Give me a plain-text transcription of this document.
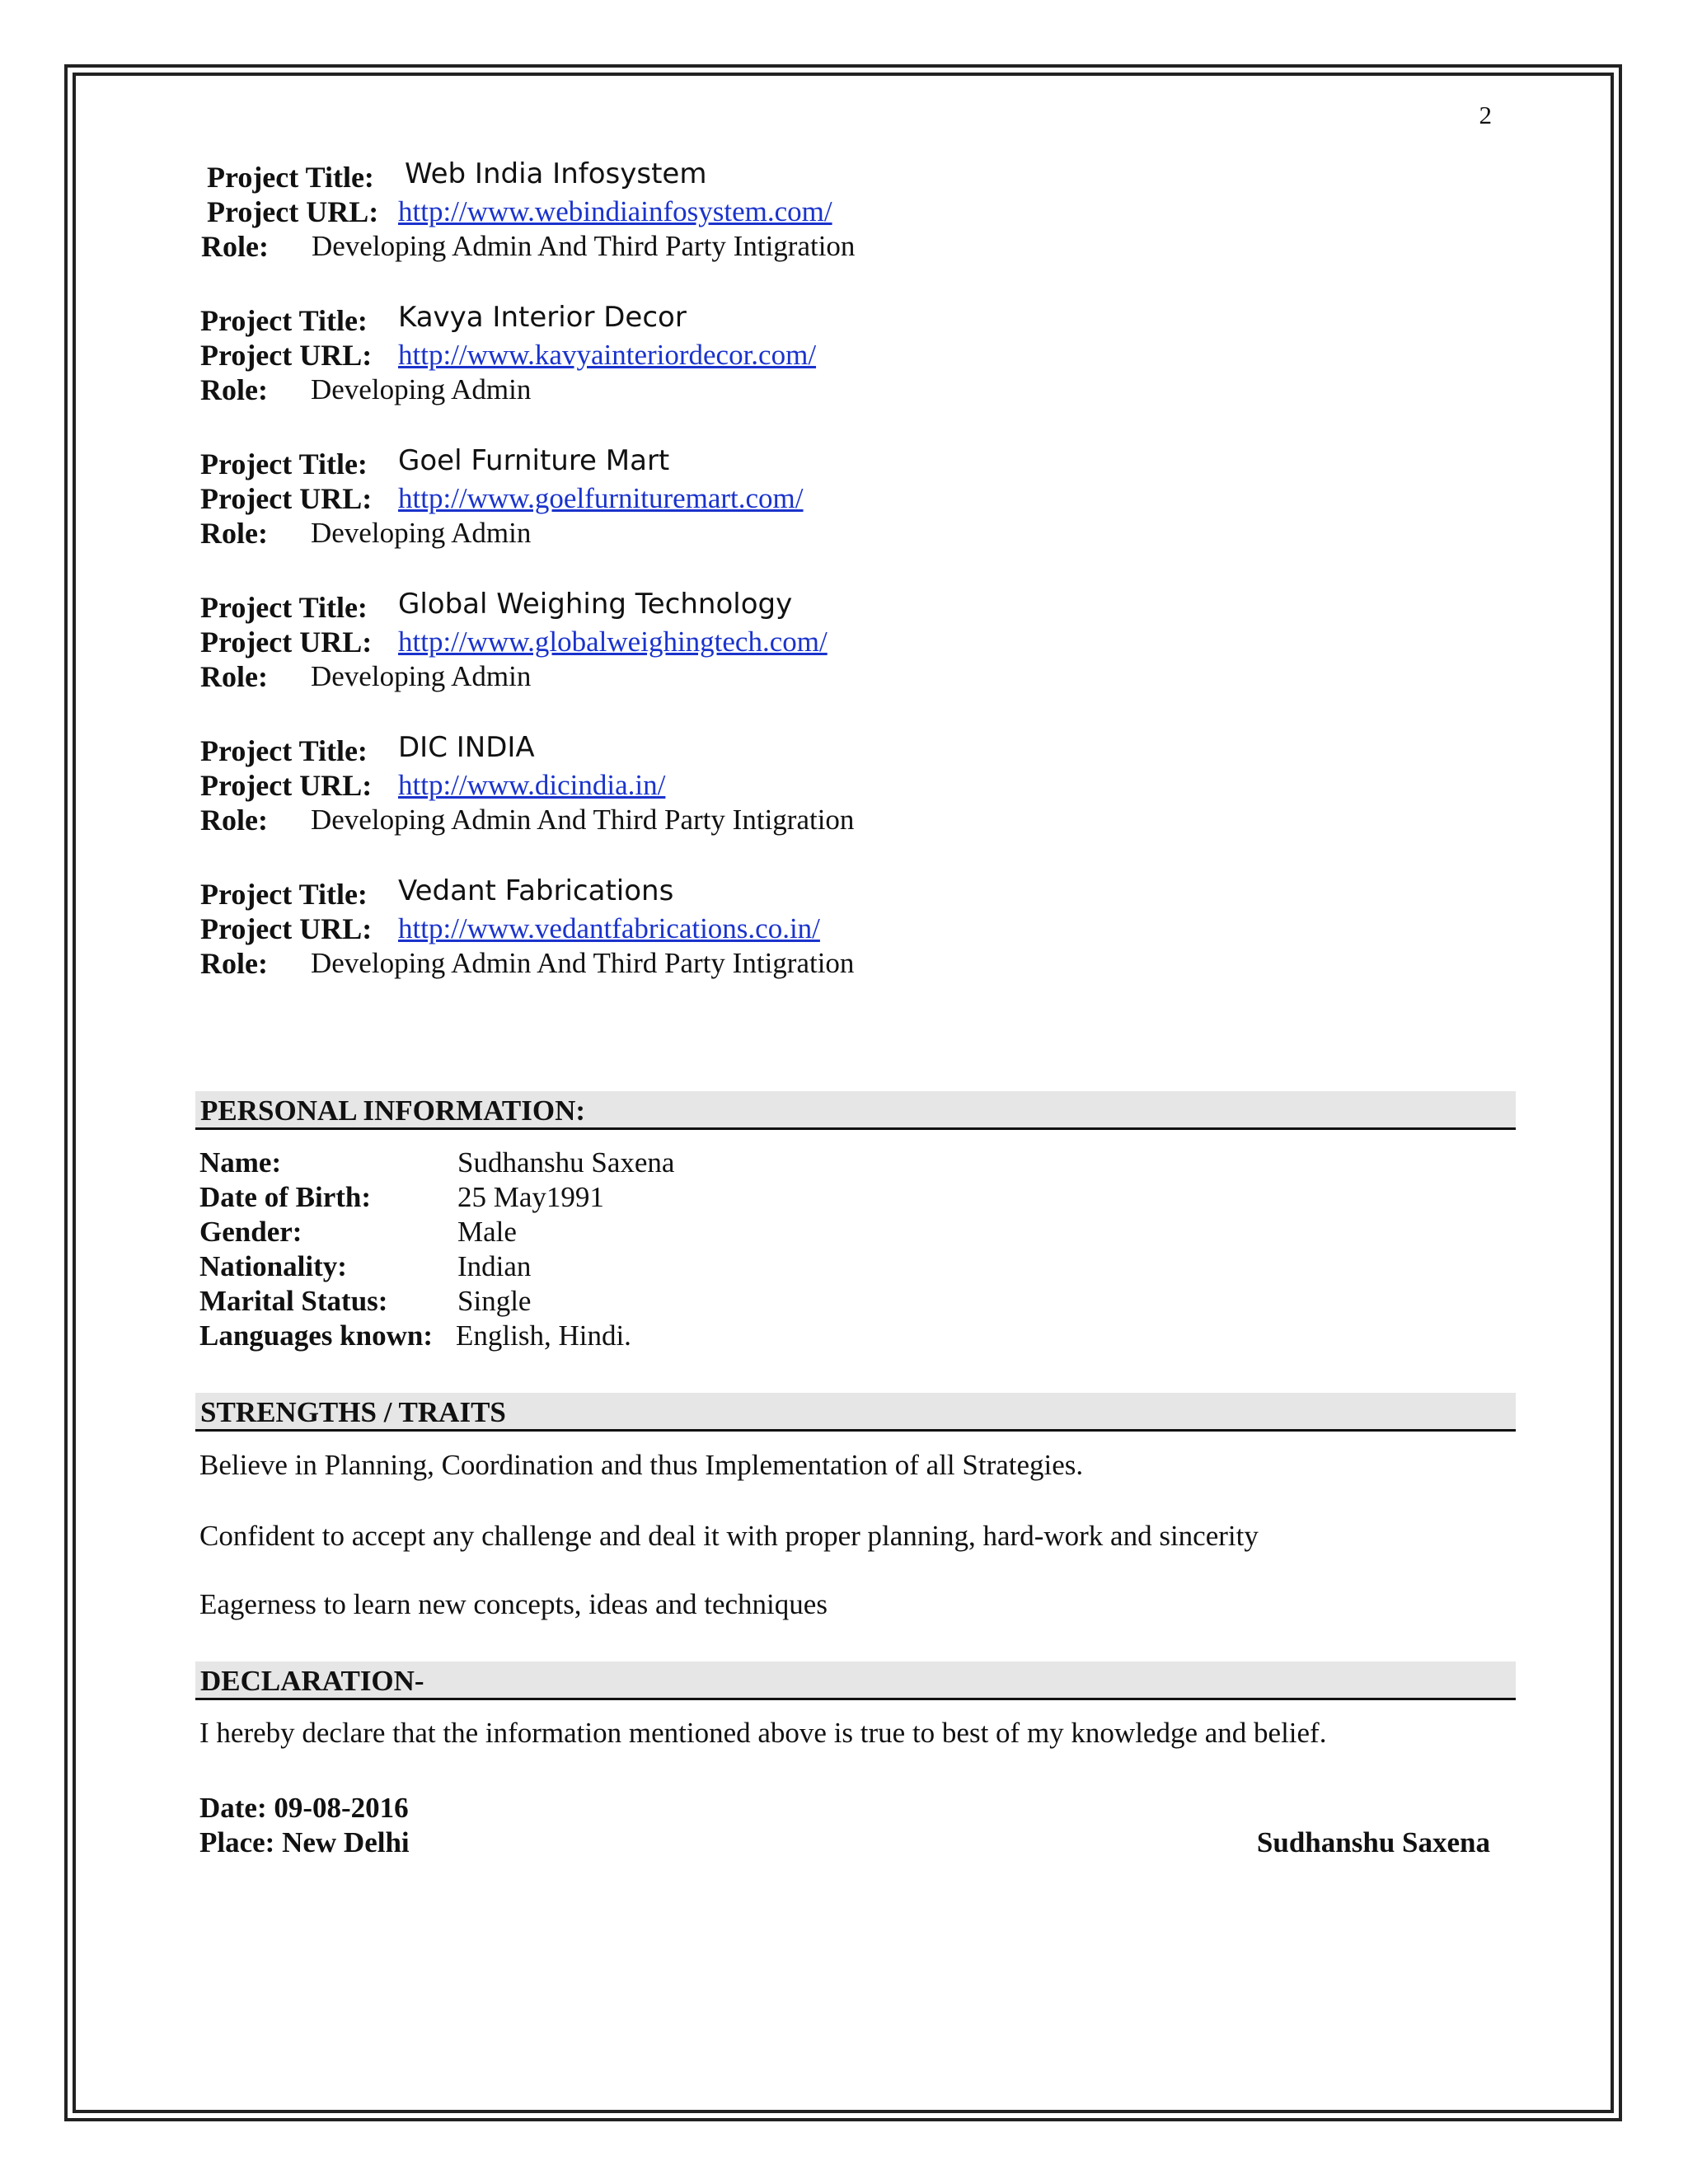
2
Project Title: Web India Infosystem
Project URL: http://www.webindiainfosystem.com/
Role: Developing Admin And Third Party Intigration
Project Title: Kavya Interior Decor
Project URL: http://www.kavyainteriordecor.com/
Role: Developing Admin
Project Title: Goel Furniture Mart
Project URL: http://www.goelfurnituremart.com/
Role: Developing Admin
Project Title: Global Weighing Technology
Project URL: http://www.globalweighingtech.com/
Role: Developing Admin
Project Title: DIC INDIA
Project URL: http://www.dicindia.in/
Role: Developing Admin And Third Party Intigration
Project Title: Vedant Fabrications
Project URL: http://www.vedantfabrications.co.in/
Role: Developing Admin And Third Party Intigration
PERSONAL INFORMATION:
Name:	Sudhanshu Saxena
Date of Birth:	25 May1991
Gender:	Male
Nationality:	Indian
Marital Status: Single
Languages known: English, Hindi.
STRENGTHS / TRAITS
Believe in Planning, Coordination and thus Implementation of all Strategies.
Confident to accept any challenge and deal it with proper planning, hard-work and sincerity
Eagerness to learn new concepts, ideas and techniques
DECLARATION-
I hereby declare that the information mentioned above is true to best of my knowledge and belief.
Date: 09-08-2016
Place: New Delhi	Sudhanshu Saxena
